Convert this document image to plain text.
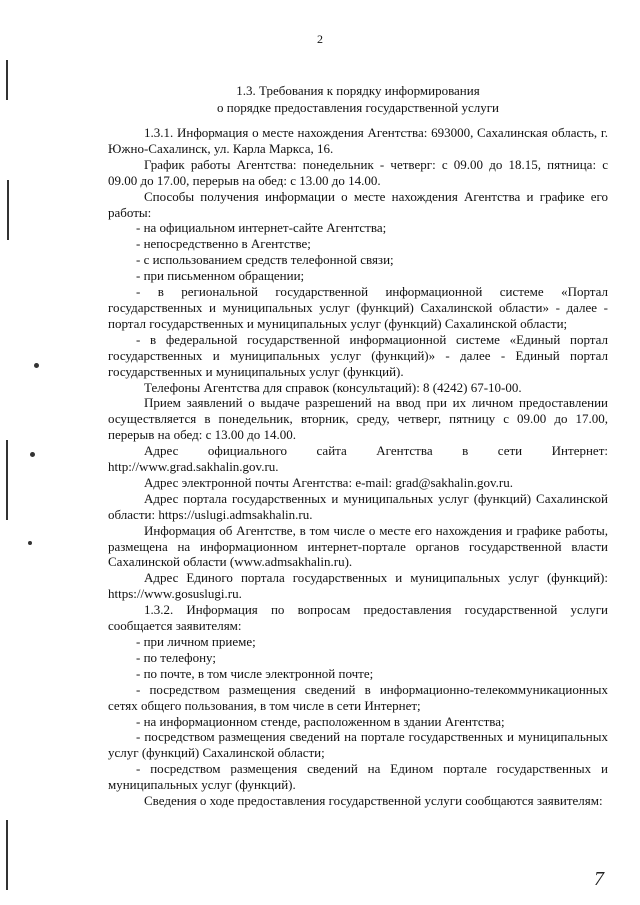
2
1.3. Требования к порядку информирования
о порядке предоставления государственной услуги

1.3.1. Информация о месте нахождения Агентства: 693000, Сахалинская область, г. Южно-Сахалинск, ул. Карла Маркса, 16.

График работы Агентства: понедельник - четверг: с 09.00 до 18.15, пятница: с 09.00 до 17.00, перерыв на обед: с 13.00 до 14.00.

Способы получения информации о месте нахождения Агентства и графике его работы:

- на официальном интернет-сайте Агентства;

- непосредственно в Агентстве;

- с использованием средств телефонной связи;

- при письменном обращении;

- в региональной государственной информационной системе «Портал государственных и муниципальных услуг (функций) Сахалинской области» - далее - портал государственных и муниципальных услуг (функций) Сахалинской области;

- в федеральной государственной информационной системе «Единый портал государственных и муниципальных услуг (функций)» - далее - Единый портал государственных и муниципальных услуг (функций).

Телефоны Агентства для справок (консультаций): 8 (4242) 67-10-00.

Прием заявлений о выдаче разрешений на ввод при их личном предоставлении осуществляется в понедельник, вторник, среду, четверг, пятницу с 09.00 до 17.00, перерыв на обед: с 13.00 до 14.00.

Адрес официального сайта Агентства в сети Интернет: http://www.grad.sakhalin.gov.ru.

Адрес электронной почты Агентства: e-mail: grad@sakhalin.gov.ru.

Адрес портала государственных и муниципальных услуг (функций) Сахалинской области: https://uslugi.admsakhalin.ru.

Информация об Агентстве, в том числе о месте его нахождения и графике работы, размещена на информационном интернет-портале органов государственной власти Сахалинской области (www.admsakhalin.ru).

Адрес Единого портала государственных и муниципальных услуг (функций): https://www.gosuslugi.ru.

1.3.2. Информация по вопросам предоставления государственной услуги сообщается заявителям:

- при личном приеме;

- по телефону;

- по почте, в том числе электронной почте;

- посредством размещения сведений в информационно-телекоммуникационных сетях общего пользования, в том числе в сети Интернет;

- на информационном стенде, расположенном в здании Агентства;

- посредством размещения сведений на портале государственных и муниципальных услуг (функций) Сахалинской области;

- посредством размещения сведений на Едином портале государственных и муниципальных услуг (функций).

Сведения о ходе предоставления государственной услуги сообщаются заявителям:

7
